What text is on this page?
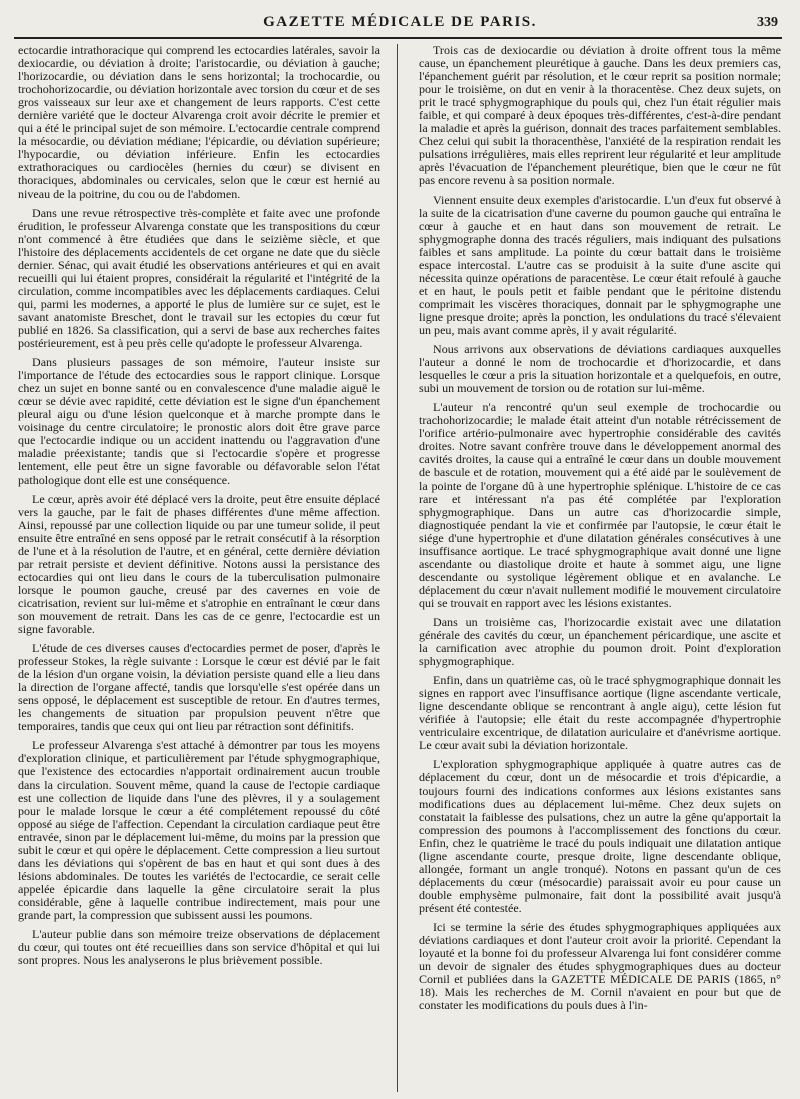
GAZETTE MÉDICALE DE PARIS.	339

ectocardie intrathoracique qui comprend les ectocardies latérales, savoir la dexiocardie, ou déviation à droite; l'aristocardie, ou déviation à gauche; l'horizocardie, ou déviation dans le sens horizontal; la trochocardie, ou trochohorizocardie, ou déviation horizontale avec torsion du cœur et de ses gros vaisseaux sur leur axe et changement de leurs rapports. C'est cette dernière variété que le docteur Alvarenga croit avoir décrite le premier et qui a été le principal sujet de son mémoire. L'ectocardie centrale comprend la mésocardie, ou déviation médiane; l'épicardie, ou déviation supérieure; l'hypocardie, ou déviation inférieure. Enfin les ectocardies extrathoraciques ou cardiocèles (hernies du cœur) se divisent en thoraciques, abdominales ou cervicales, selon que le cœur est hernié au niveau de la poitrine, du cou ou de l'abdomen.

Dans une revue rétrospective très-complète et faite avec une profonde érudition, le professeur Alvarenga constate que les transpositions du cœur n'ont commencé à être étudiées que dans le seizième siècle, et que l'histoire des déplacements accidentels de cet organe ne date que du siècle dernier. Sénac, qui avait étudié les observations antérieures et qui en avait recueilli qui lui étaient propres, considérait la régularité et l'intégrité de la circulation, comme incompatibles avec les déplacements cardiaques. Celui qui, parmi les modernes, a apporté le plus de lumière sur ce sujet, est le savant anatomiste Breschet, dont le travail sur les ectopies du cœur fut publié en 1826. Sa classification, qui a servi de base aux recherches faites postérieurement, est à peu près celle qu'adopte le professeur Alvarenga.

Dans plusieurs passages de son mémoire, l'auteur insiste sur l'importance de l'étude des ectocardies sous le rapport clinique. Lorsque chez un sujet en bonne santé ou en convalescence d'une maladie aiguë le cœur se dévie avec rapidité, cette déviation est le signe d'un épanchement pleural aigu ou d'une lésion quelconque et à marche prompte dans le voisinage du centre circulatoire; le pronostic alors doit être grave parce que l'ectocardie indique ou un accident inattendu ou l'aggravation d'une maladie préexistante; tandis que si l'ectocardie s'opère et progresse lentement, elle peut être un signe favorable ou défavorable selon l'état pathologique dont elle est une conséquence.

Le cœur, après avoir été déplacé vers la droite, peut être ensuite déplacé vers la gauche, par le fait de phases différentes d'une même affection. Ainsi, repoussé par une collection liquide ou par une tumeur solide, il peut ensuite être entraîné en sens opposé par le retrait consécutif à la résorption de l'une et à la résolution de l'autre, et en général, cette dernière déviation par retrait persiste et devient définitive. Notons aussi la persistance des ectocardies qui ont lieu dans le cours de la tuberculisation pulmonaire lorsque le poumon gauche, creusé par des cavernes en voie de cicatrisation, revient sur lui-même et s'atrophie en entraînant le cœur dans son mouvement de retrait. Dans les cas de ce genre, l'ectocardie est un signe favorable.

L'étude de ces diverses causes d'ectocardies permet de poser, d'après le professeur Stokes, la règle suivante : Lorsque le cœur est dévié par le fait de la lésion d'un organe voisin, la déviation persiste quand elle a lieu dans la direction de l'organe affecté, tandis que lorsqu'elle s'est opérée dans un sens opposé, le déplacement est susceptible de retour. En d'autres termes, les changements de situation par propulsion peuvent n'être que temporaires, tandis que ceux qui ont lieu par rétraction sont définitifs.

Le professeur Alvarenga s'est attaché à démontrer par tous les moyens d'exploration clinique, et particulièrement par l'étude sphygmographique, que l'existence des ectocardies n'apportait ordinairement aucun trouble dans la circulation. Souvent même, quand la cause de l'ectopie cardiaque est une collection de liquide dans l'une des plèvres, il y a soulagement pour le malade lorsque le cœur a été complétement repoussé du côté opposé au siége de l'affection. Cependant la circulation cardiaque peut être entravée, sinon par le déplacement lui-même, du moins par la pression que subit le cœur et qui opère le déplacement. Cette compression a lieu surtout dans les déviations qui s'opèrent de bas en haut et qui sont dues à des lésions abdominales. De toutes les variétés de l'ectocardie, ce serait celle appelée épicardie dans laquelle la gêne circulatoire serait la plus considérable, gêne à laquelle contribue indirectement, mais pour une grande part, la compression que subissent aussi les poumons.

L'auteur publie dans son mémoire treize observations de déplacement du cœur, qui toutes ont été recueillies dans son service d'hôpital et qui lui sont propres. Nous les analyserons le plus brièvement possible.

Trois cas de dexiocardie ou déviation à droite offrent tous la même cause, un épanchement pleurétique à gauche. Dans les deux premiers cas, l'épanchement guérit par résolution, et le cœur reprit sa position normale; pour le troisième, on dut en venir à la thoracentèse. Chez deux sujets, on prit le tracé sphygmographique du pouls qui, chez l'un était régulier mais faible, et qui comparé à deux époques très-différentes, c'est-à-dire pendant la maladie et après la guérison, donnait des traces parfaitement semblables. Chez celui qui subit la thoracenthèse, l'anxiété de la respiration rendait les pulsations irrégulières, mais elles reprirent leur régularité et leur amplitude après l'évacuation de l'épanchement pleurétique, bien que le cœur ne fût pas encore revenu à sa position normale.

Viennent ensuite deux exemples d'aristocardie. L'un d'eux fut observé à la suite de la cicatrisation d'une caverne du poumon gauche qui entraîna le cœur à gauche et en haut dans son mouvement de retrait. Le sphygmographe donna des tracés réguliers, mais indiquant des pulsations faibles et sans amplitude. La pointe du cœur battait dans le troisième espace intercostal. L'autre cas se produisit à la suite d'une ascite qui nécessita quinze opérations de paracentèse. Le cœur était refoulé à gauche et en haut, le pouls petit et faible pendant que le péritoine distendu comprimait les viscères thoraciques, donnait par le sphygmographe une ligne presque droite; après la ponction, les ondulations du tracé s'élevaient un peu, mais avant comme après, il y avait régularité.

Nous arrivons aux observations de déviations cardiaques auxquelles l'auteur a donné le nom de trochocardie et d'horizocardie, et dans lesquelles le cœur a pris la situation horizontale et a quelquefois, en outre, subi un mouvement de torsion ou de rotation sur lui-même.

L'auteur n'a rencontré qu'un seul exemple de trochocardie ou trachohorizocardie; le malade était atteint d'un notable rétrécissement de l'orifice artério-pulmonaire avec hypertrophie considérable des cavités droites. Notre savant confrère trouve dans le développement anormal des cavités droites, la cause qui a entraîné le cœur dans un double mouvement de bascule et de rotation, mouvement qui a été aidé par le soulèvement de la pointe de l'organe dû à une hypertrophie splénique. L'histoire de ce cas rare et intéressant n'a pas été complétée par l'exploration sphygmographique. Dans un autre cas d'horizocardie simple, diagnostiquée pendant la vie et confirmée par l'autopsie, le cœur était le siége d'une hypertrophie et d'une dilatation générales consécutives à une insuffisance aortique. Le tracé sphygmographique avait donné une ligne ascendante ou diastolique droite et haute à sommet aigu, une ligne descendante ou systolique légèrement oblique et en avalanche. Le déplacement du cœur n'avait nullement modifié le mouvement circulatoire qui se trouvait en rapport avec les lésions existantes.

Dans un troisième cas, l'horizocardie existait avec une dilatation générale des cavités du cœur, un épanchement péricardique, une ascite et la carnification avec atrophie du poumon droit. Point d'exploration sphygmographique.

Enfin, dans un quatrième cas, où le tracé sphygmographique donnait les signes en rapport avec l'insuffisance aortique (ligne ascendante verticale, ligne descendante oblique se rencontrant à angle aigu), cette lésion fut vérifiée à l'autopsie; elle était du reste accompagnée d'hypertrophie ventriculaire excentrique, de dilatation auriculaire et d'anévrisme aortique. Le cœur avait subi la déviation horizontale.

L'exploration sphygmographique appliquée à quatre autres cas de déplacement du cœur, dont un de mésocardie et trois d'épicardie, a toujours fourni des indications conformes aux lésions existantes sans modifications dues au déplacement lui-même. Chez deux sujets on constatait la faiblesse des pulsations, chez un autre la gêne qu'apportait la compression des poumons à l'accomplissement des fonctions du cœur. Enfin, chez le quatrième le tracé du pouls indiquait une dilatation antique (ligne ascendante courte, presque droite, ligne descendante oblique, allongée, formant un angle tronqué). Notons en passant qu'un de ces déplacements du cœur (mésocardie) paraissait avoir eu pour cause un double emphysème pulmonaire, fait dont la possibilité avait jusqu'à présent été contestée.

Ici se termine la série des études sphygmographiques appliquées aux déviations cardiaques et dont l'auteur croit avoir la priorité. Cependant la loyauté et la bonne foi du professeur Alvarenga lui font considérer comme un devoir de signaler des études sphygmographiques dues au docteur Cornil et publiées dans la GAZETTE MÉDICALE DE PARIS (1865, n° 18). Mais les recherches de M. Cornil n'avaient en pour but que de constater les modifications du pouls dues à l'in-
